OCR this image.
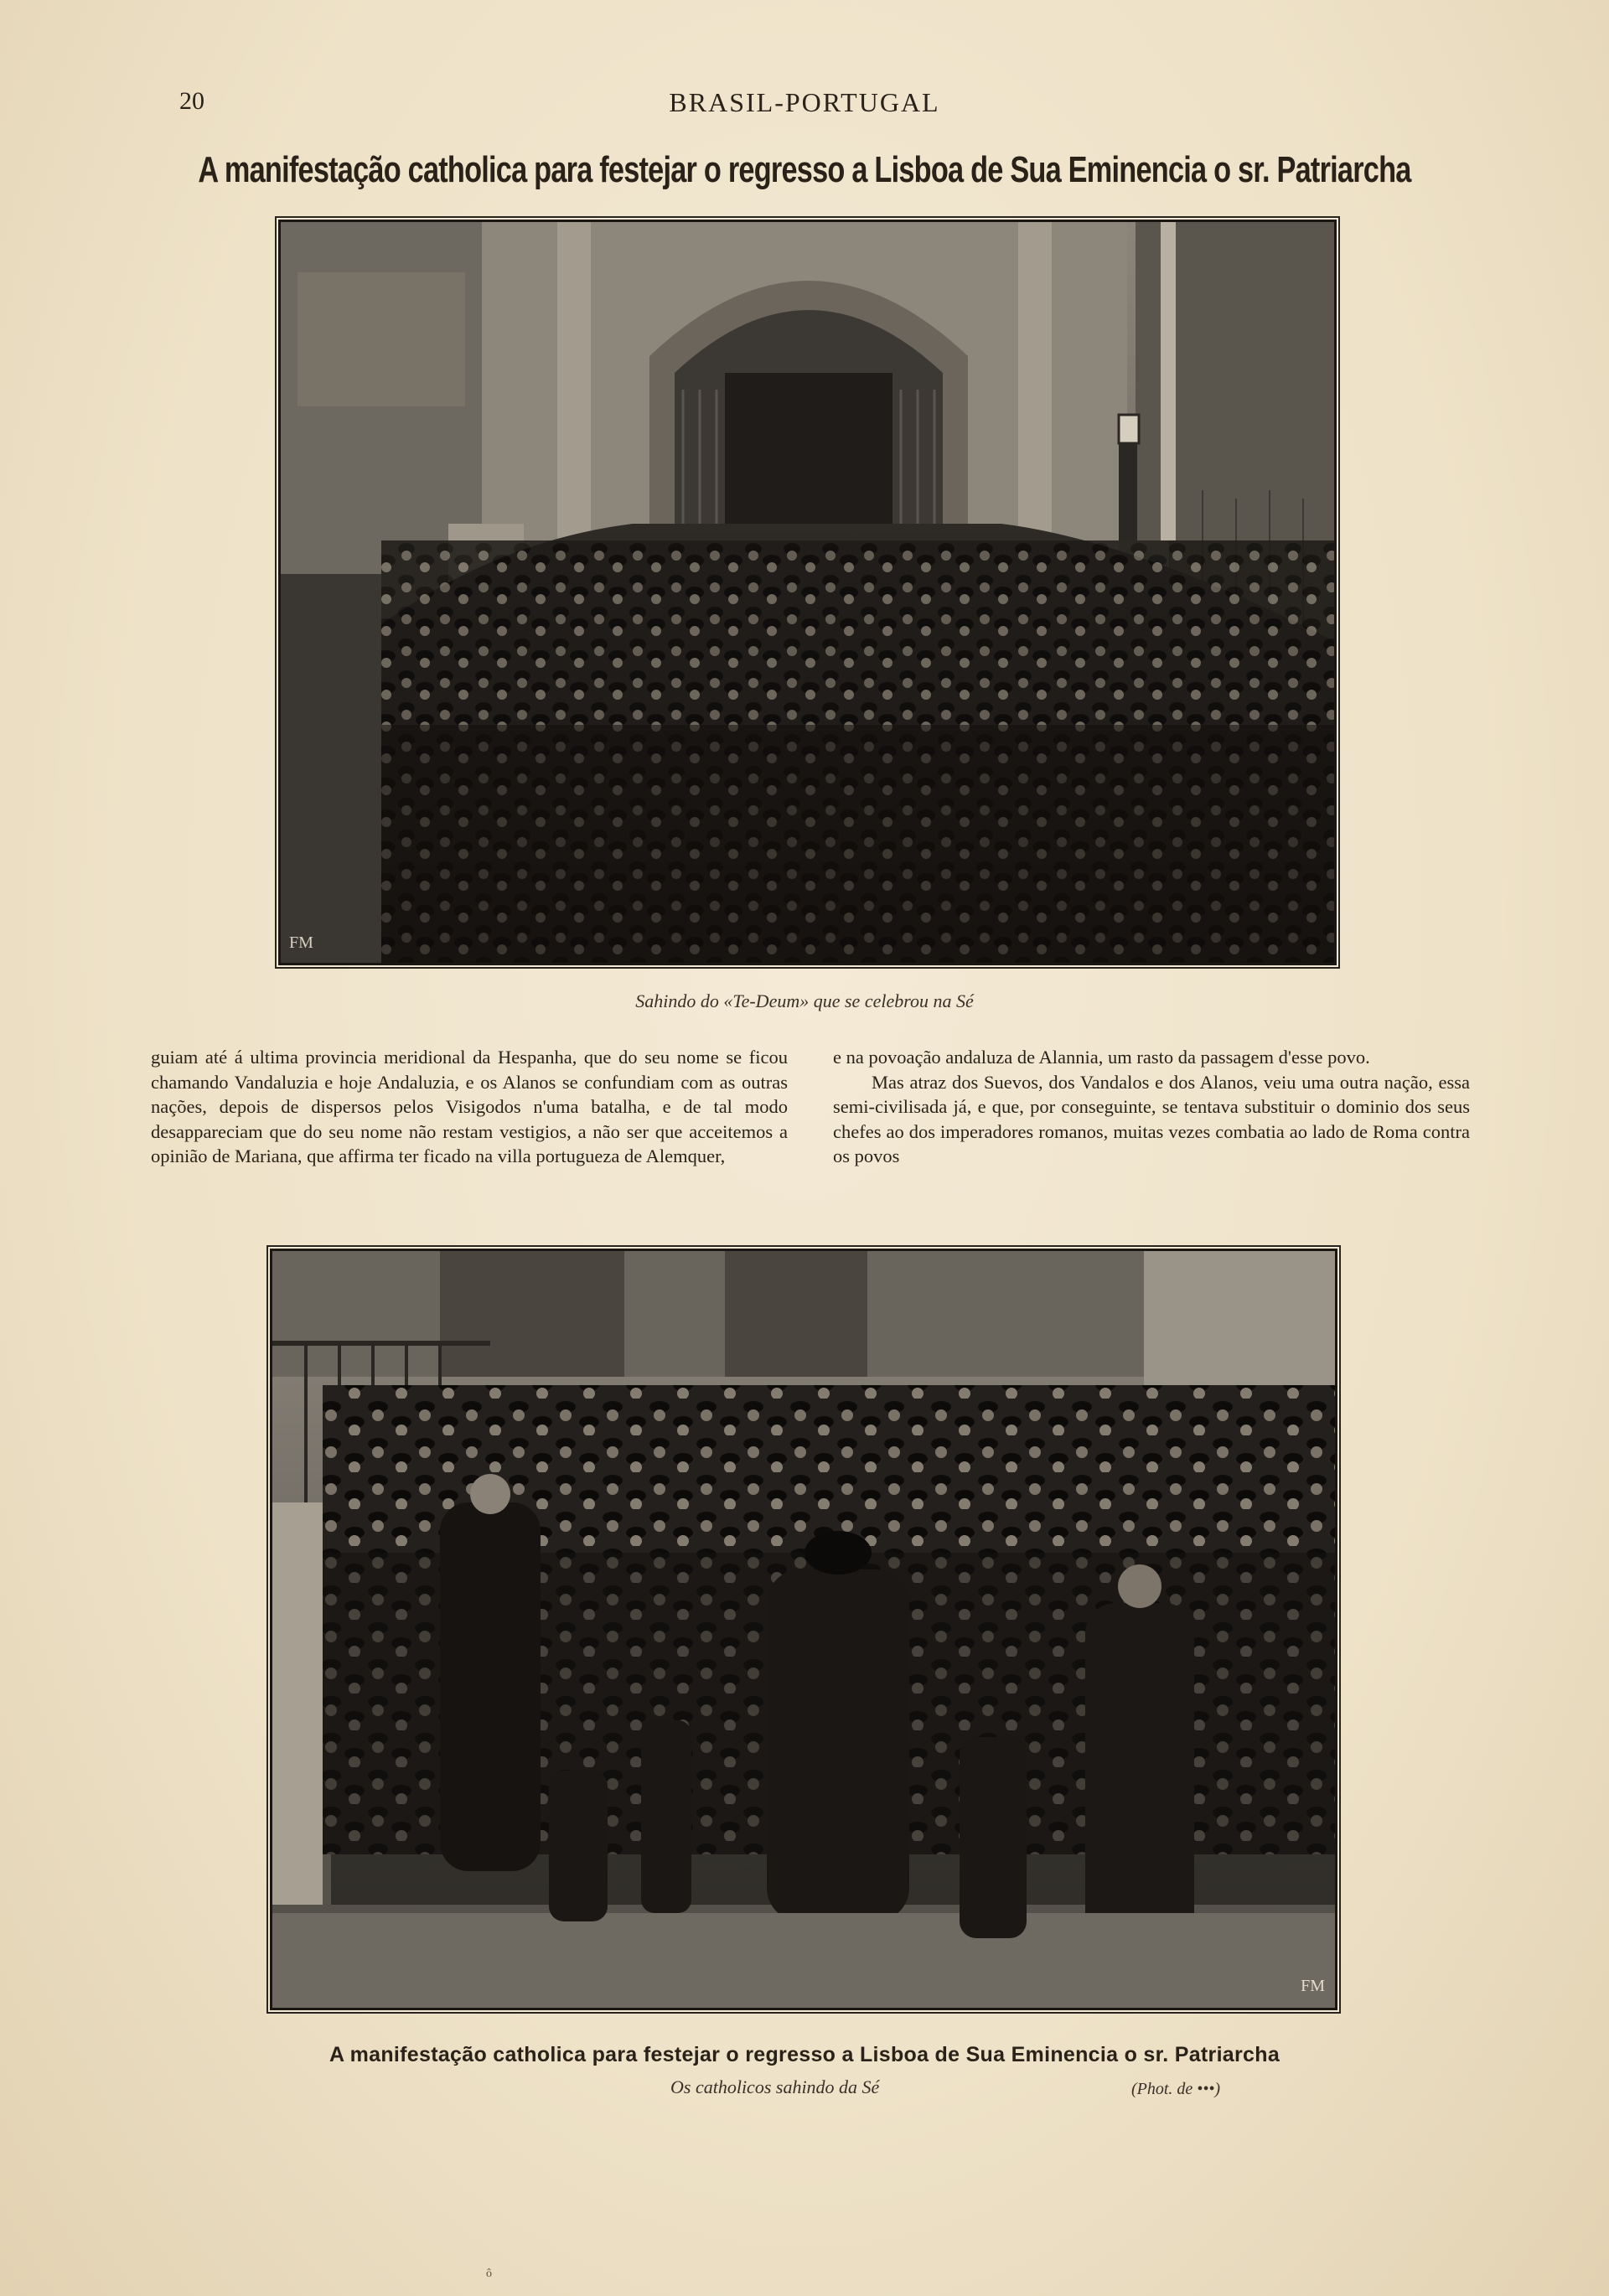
20	BRASIL-PORTUGAL
A manifestação catholica para festejar o regresso a Lisboa de Sua Eminencia o sr. Patriarcha
FM
Sahindo do «Te-Deum» que se celebrou na Sé

guiam até á ultima provincia meridional da Hespanha, que do seu nome se ficou chamando Vandaluzia e hoje Andaluzia, e os Alanos se confundiam com as outras nações, depois de dispersos pelos Visigodos n'uma batalha, e de tal modo desappareciam que do seu nome não restam vestigios, a não ser que acceitemos a opinião de Mariana, que affirma ter ficado na villa portugueza de Alemquer,

e na povoação andaluza de Alannia, um rasto da passagem d'esse povo.

Mas atraz dos Suevos, dos Vandalos e dos Alanos, veiu uma outra nação, essa semi-civilisada já, e que, por conseguinte, se tentava substituir o dominio dos seus chefes ao dos imperadores romanos, muitas vezes combatia ao lado de Roma contra os povos

FM
A manifestação catholica para festejar o regresso a Lisboa de Sua Eminencia o sr. Patriarcha
Os catholicos sahindo da Sé	(Phot. de •••)
ô
